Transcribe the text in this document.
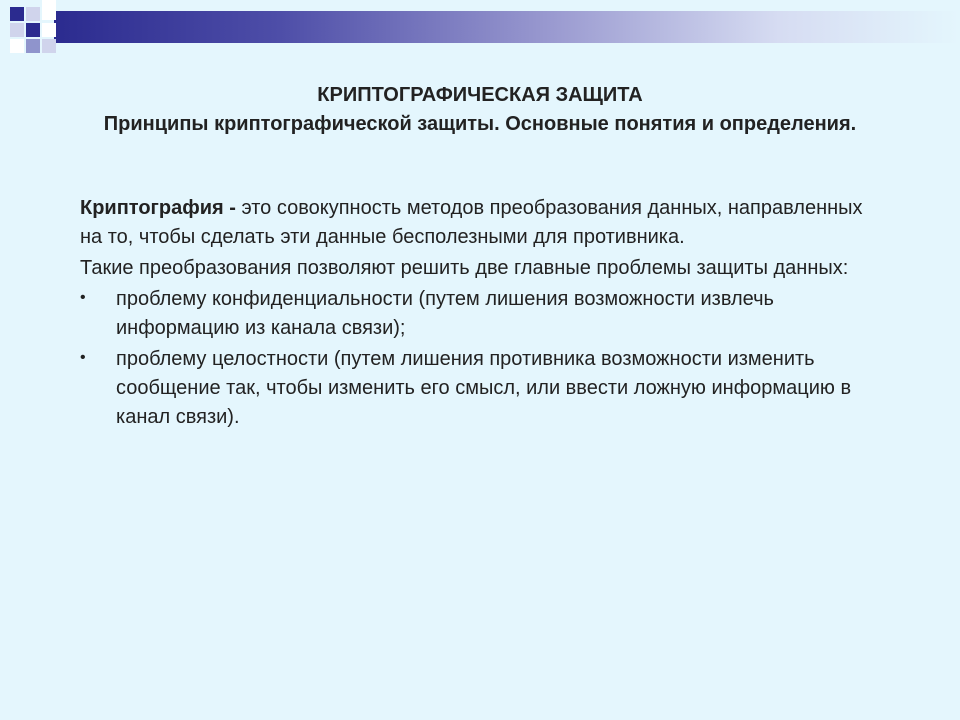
КРИПТОГРАФИЧЕСКАЯ ЗАЩИТА
Принципы криптографической защиты. Основные понятия и определения.

Криптография - это совокупность методов преобразования данных, направленных на то, чтобы сделать эти данные бесполезными для противника.

Такие преобразования позволяют решить две главные проблемы защиты данных:

• проблему конфиденциальности (путем лишения возможности извлечь информацию из канала связи);
• проблему целостности (путем лишения противника возможности изменить сообщение так, чтобы изменить его смысл, или ввести ложную информацию в канал связи).
